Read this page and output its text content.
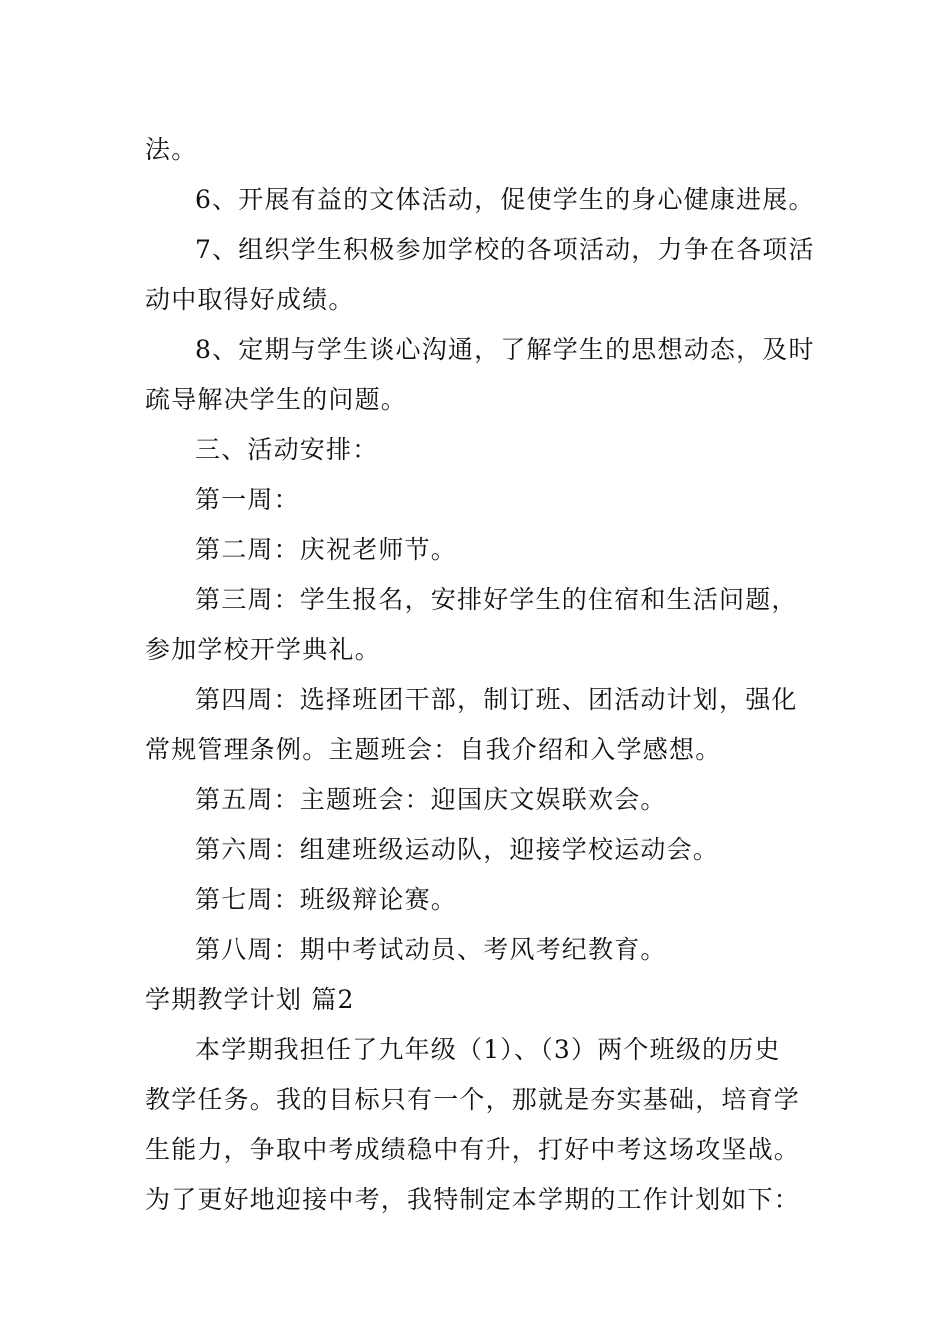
法。
6、开展有益的文体活动，促使学生的身心健康进展。
7、组织学生积极参加学校的各项活动，力争在各项活
动中取得好成绩。
8、定期与学生谈心沟通，了解学生的思想动态，及时
疏导解决学生的问题。
三、活动安排：
第一周：
第二周：庆祝老师节。
第三周：学生报名，安排好学生的住宿和生活问题，
参加学校开学典礼。
第四周：选择班团干部，制订班、团活动计划，强化
常规管理条例。主题班会：自我介绍和入学感想。
第五周：主题班会：迎国庆文娱联欢会。
第六周：组建班级运动队，迎接学校运动会。
第七周：班级辩论赛。
第八周：期中考试动员、考风考纪教育。
学期教学计划 篇2
本学期我担任了九年级（1）、（3）两个班级的历史
教学任务。我的目标只有一个，那就是夯实基础，培育学
生能力，争取中考成绩稳中有升，打好中考这场攻坚战。
为了更好地迎接中考，我特制定本学期的工作计划如下：
